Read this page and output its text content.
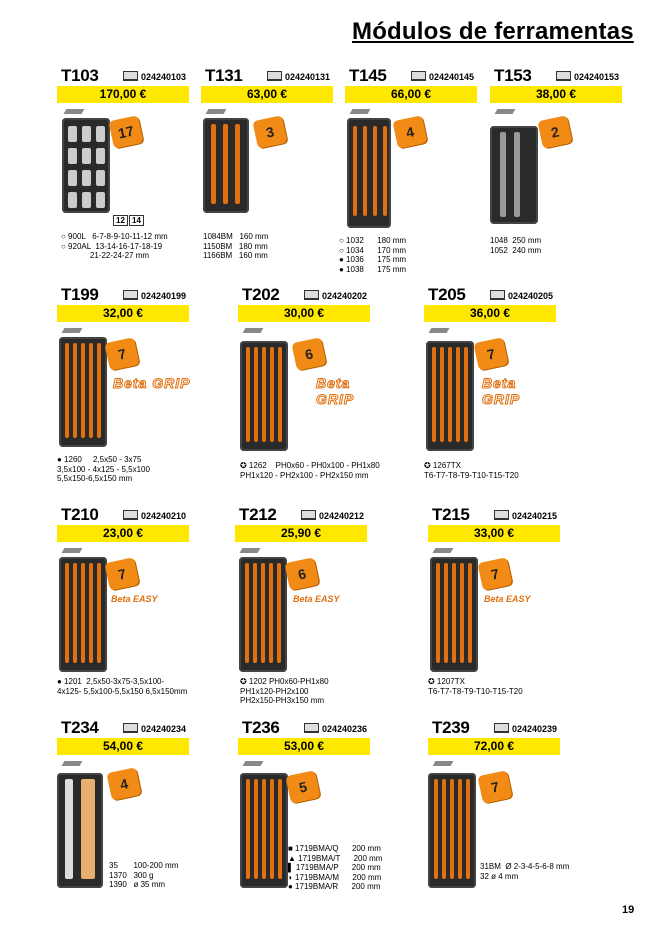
Módulos de ferramentas
T103	024240103
170,00 €
17
12 14
○ 900L   6-7-8-9-10-11-12 mm
○ 920AL  13-14-16-17-18-19
21-22-24-27 mm
T131	024240131
63,00 €
3
1084BM   160 mm
1150BM   180 mm
1166BM   160 mm
T145	024240145
66,00 €
4
○ 1032      180 mm
○ 1034      170 mm
● 1036      175 mm
● 1038      175 mm
T153	024240153
38,00 €
2
1048  250 mm
1052  240 mm
T199	024240199
32,00 €
7
Beta GRIP
● 1260     2,5x50 - 3x75
3,5x100 - 4x125 - 5,5x100
5,5x150-6,5x150 mm
T202	024240202
30,00 €
6
Beta GRIP
✪ 1262    PH0x60 - PH0x100 - PH1x80
PH1x120 - PH2x100 - PH2x150 mm
T205	024240205
36,00 €
7
Beta GRIP
✪ 1267TX
T6-T7-T8-T9-T10-T15-T20
T210	024240210
23,00 €
7
Beta EASY
● 1201  2,5x50-3x75-3,5x100-
4x125- 5,5x100-5,5x150 6,5x150mm
T212	024240212
25,90 €
6
Beta EASY
✪ 1202 PH0x60-PH1x80
PH1x120-PH2x100
PH2x150-PH3x150 mm
T215	024240215
33,00 €
7
Beta EASY
✪ 1207TX
T6-T7-T8-T9-T10-T15-T20
T234	024240234
54,00 €
4
35       100-200 mm
1370   300 g
1390   ø 35 mm
T236	024240236
53,00 €
5
■ 1719BMA/Q      200 mm
▲ 1719BMA/T      200 mm
▌ 1719BMA/P      200 mm
◗ 1719BMA/M      200 mm
● 1719BMA/R      200 mm
T239	024240239
72,00 €
7
31BM  Ø 2-3-4-5-6-8 mm
32 ø 4 mm
19
